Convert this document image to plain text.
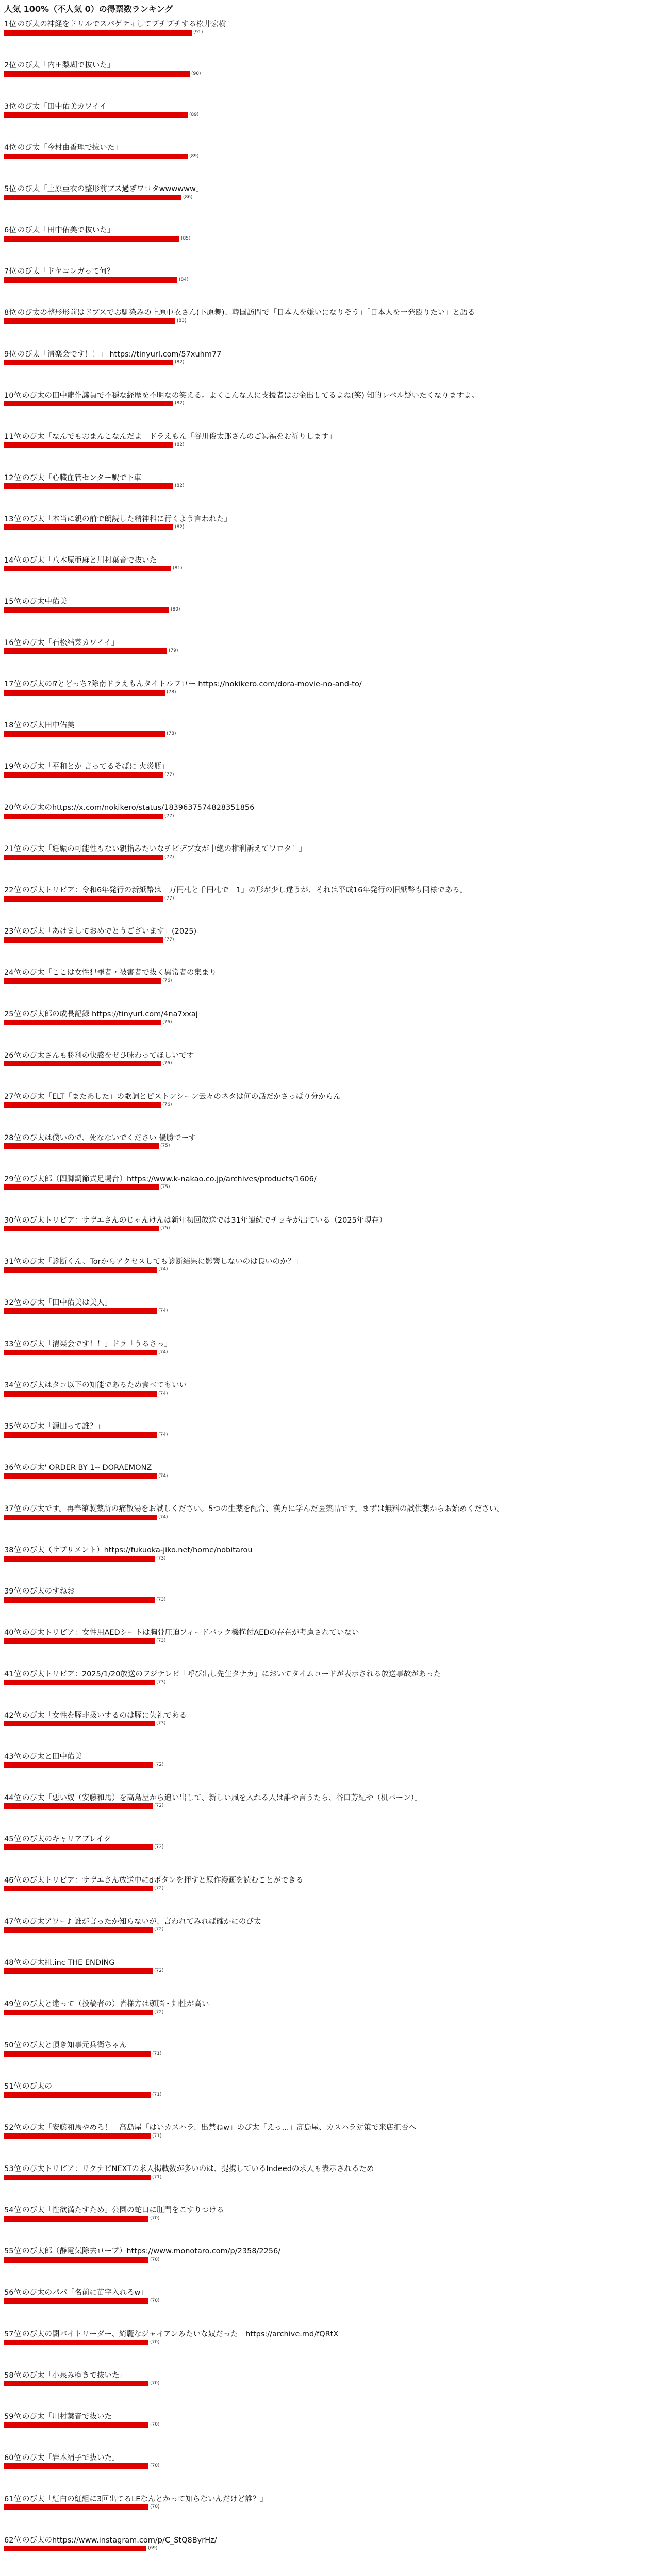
人気 100%（不人気 0）の得票数ランキング
1位 のび太の神経をドリルでスパゲティしてブチブチする松井宏樹
(91)
2位 のび太「内田梨瑚で抜いた」
(90)
3位 のび太「田中佑美カワイイ」
(89)
4位 のび太「今村由香理で抜いた」
(89)
5位 のび太「上原亜衣の整形前ブス過ぎワロタwwwwww」
(86)
6位 のび太「田中佑美で抜いた」
(85)
7位 のび太「ドヤコンガって何？」
(84)
8位 のび太の整形形前はドブスでお馴染みの上原亜衣さん(下原舞)、韓国訪問で「日本人を嫌いになりそう」「日本人を一発殴りたい」と語る
(83)
9位 のび太「清楽会です！！」 https://tinyurl.com/57xuhm77
(82)
10位 のび太の田中龍作議員で不穏な経歴を不明なの笑える。よくこんな人に支援者はお金出してるよね(笑) 知的レベル疑いたくなりますよ。
(82)
11位 のび太「なんでもおまんこなんだよ」ドラえもん「谷川俊太郎さんのご冥福をお祈りします」
(82)
12位 のび太「心臓血管センター駅で下車
(82)
13位 のび太「本当に親の前で朗読した精神科に行くよう言われた」
(82)
14位 のび太「八木原亜麻と川村葉音で抜いた」
(81)
15位 のび太中佑美
(80)
16位 のび太「石松結菜カワイイ」
(79)
17位 のび太の⁉とどっち?除南ドラえもんタイトルフロー https://nokikero.com/dora-movie-no-and-to/
(78)
18位 のび太田中佑美
(78)
19位 のび太「平和とか 言ってるそばに 火炎瓶」
(77)
20位 のび太のhttps://x.com/nokikero/status/1839637574828351856
(77)
21位 のび太「妊娠の可能性もない親指みたいなチビデブ女が中絶の権利訴えてワロタ！」
(77)
22位 のび太トリビア：令和6年発行の新紙幣は一万円札と千円札で「1」の形が少し違うが、それは平成16年発行の旧紙幣も同様である。
(77)
23位 のび太「あけましておめでとうございます」(2025)
(77)
24位 のび太「ここは女性犯罪者・被害者で抜く異常者の集まり」
(76)
25位 のび太郎の成長記録 https://tinyurl.com/4na7xxaj
(76)
26位 のび太さんも勝利の快感をゼひ味わってほしいです
(76)
27位 のび太「ELT「またあした」の歌詞とピストンシーン云々のネタは何の話だかさっぱり分からん」
(76)
28位 のび太は僕いので、死なないでください 優勝でーす
(75)
29位 のび太郎（四脚調節式足場台）https://www.k-nakao.co.jp/archives/products/1606/
(75)
30位 のび太トリビア：サザエさんのじゃんけんは新年初回放送では31年連続でチョキが出ている（2025年現在）
(75)
31位 のび太「診断くん、Torからアクセスしても診断結果に影響しないのは良いのか？」
(74)
32位 のび太「田中佑美は美人」
(74)
33位 のび太「清楽会です！！」ドラ「うるさっ」
(74)
34位 のび太はタコ以下の知能であるため食べてもいい
(74)
35位 のび太「源田って誰？」
(74)
36位 のび太' ORDER BY 1-- DORAEMONZ
(74)
37位 のび太です。再春館製薬所の痛散湯をお試しください。5つの生薬を配合、漢方に学んだ医薬品です。まずは無料の試供薬からお始めください。
(74)
38位 のび太（サプリメント）https://fukuoka-jiko.net/home/nobitarou
(73)
39位 のび太のすねお
(73)
40位 のび太トリビア：女性用AEDシートは胸骨圧迫フィードバック機構付AEDの存在が考慮されていない
(73)
41位 のび太トリビア：2025/1/20放送のフジテレビ「呼び出し先生タナカ」においてタイムコードが表示される放送事故があった
(73)
42位 のび太「女性を豚非扱いするのは豚に失礼である」
(73)
43位 のび太と田中佑美
(72)
44位 のび太「悪い奴（安藤和馬）を高島屋から追い出して、新しい風を入れる人は誰や言うたら、谷口芳紀や（机バーン）」
(72)
45位 のび太のキャリアプレイク
(72)
46位 のび太トリビア：サザエさん放送中にdボタンを押すと原作漫画を読むことができる
(72)
47位 のび太アワー♪ 誰が言ったか知らないが、言われてみれば確かにのび太
(72)
48位 のび太組.inc THE ENDING
(72)
49位 のび太と違って（投稿者の）皆様方は頭脳・知性が高い
(72)
50位 のび太と頂き知事元兵衛ちゃん
(71)
51位 のび太の ㅤㅤㅤㅤㅤㅤㅤㅤㅤㅤㅤㅤㅤㅤㅤㅤㅤㅤㅤㅤㅤㅤㅤㅤㅤㅤㅤㅤㅤㅤㅤㅤㅤㅤㅤㅤㅤㅤㅤㅤㅤㅤㅤㅤㅤㅤㅤㅤ
(71)
52位 のび太「安藤和馬やめろ！」高島屋「はいカスハラ、出禁ねw」のび太「えっ...」高島屋、カスハラ対策で来店拒否へ
(71)
53位 のび太トリビア：リクナビNEXTの求人掲載数が多いのは、提携しているIndeedの求人も表示されるため
(71)
54位 のび太「性欲満たすため」公園の蛇口に肛門をこすりつける
(70)
55位 のび太郎（静電気除去ロープ）https://www.monotaro.com/p/2358/2256/
(70)
56位 のび太のパパ「名前に苗字入れろw」
(70)
57位 のび太の闇バイトリーダー、綺麗なジャイアンみたいな奴だった　https://archive.md/fQRtX
(70)
58位 のび太「小泉みゆきで抜いた」
(70)
59位 のび太「川村葉音で抜いた」
(70)
60位 のび太「岩本絹子で抜いた」
(70)
61位 のび太「紅白の紅組に3回出てるLEなんとかって知らないんだけど誰？」
(70)
62位 のび太のhttps://www.instagram.com/p/C_StQ8ByrHz/
(69)
